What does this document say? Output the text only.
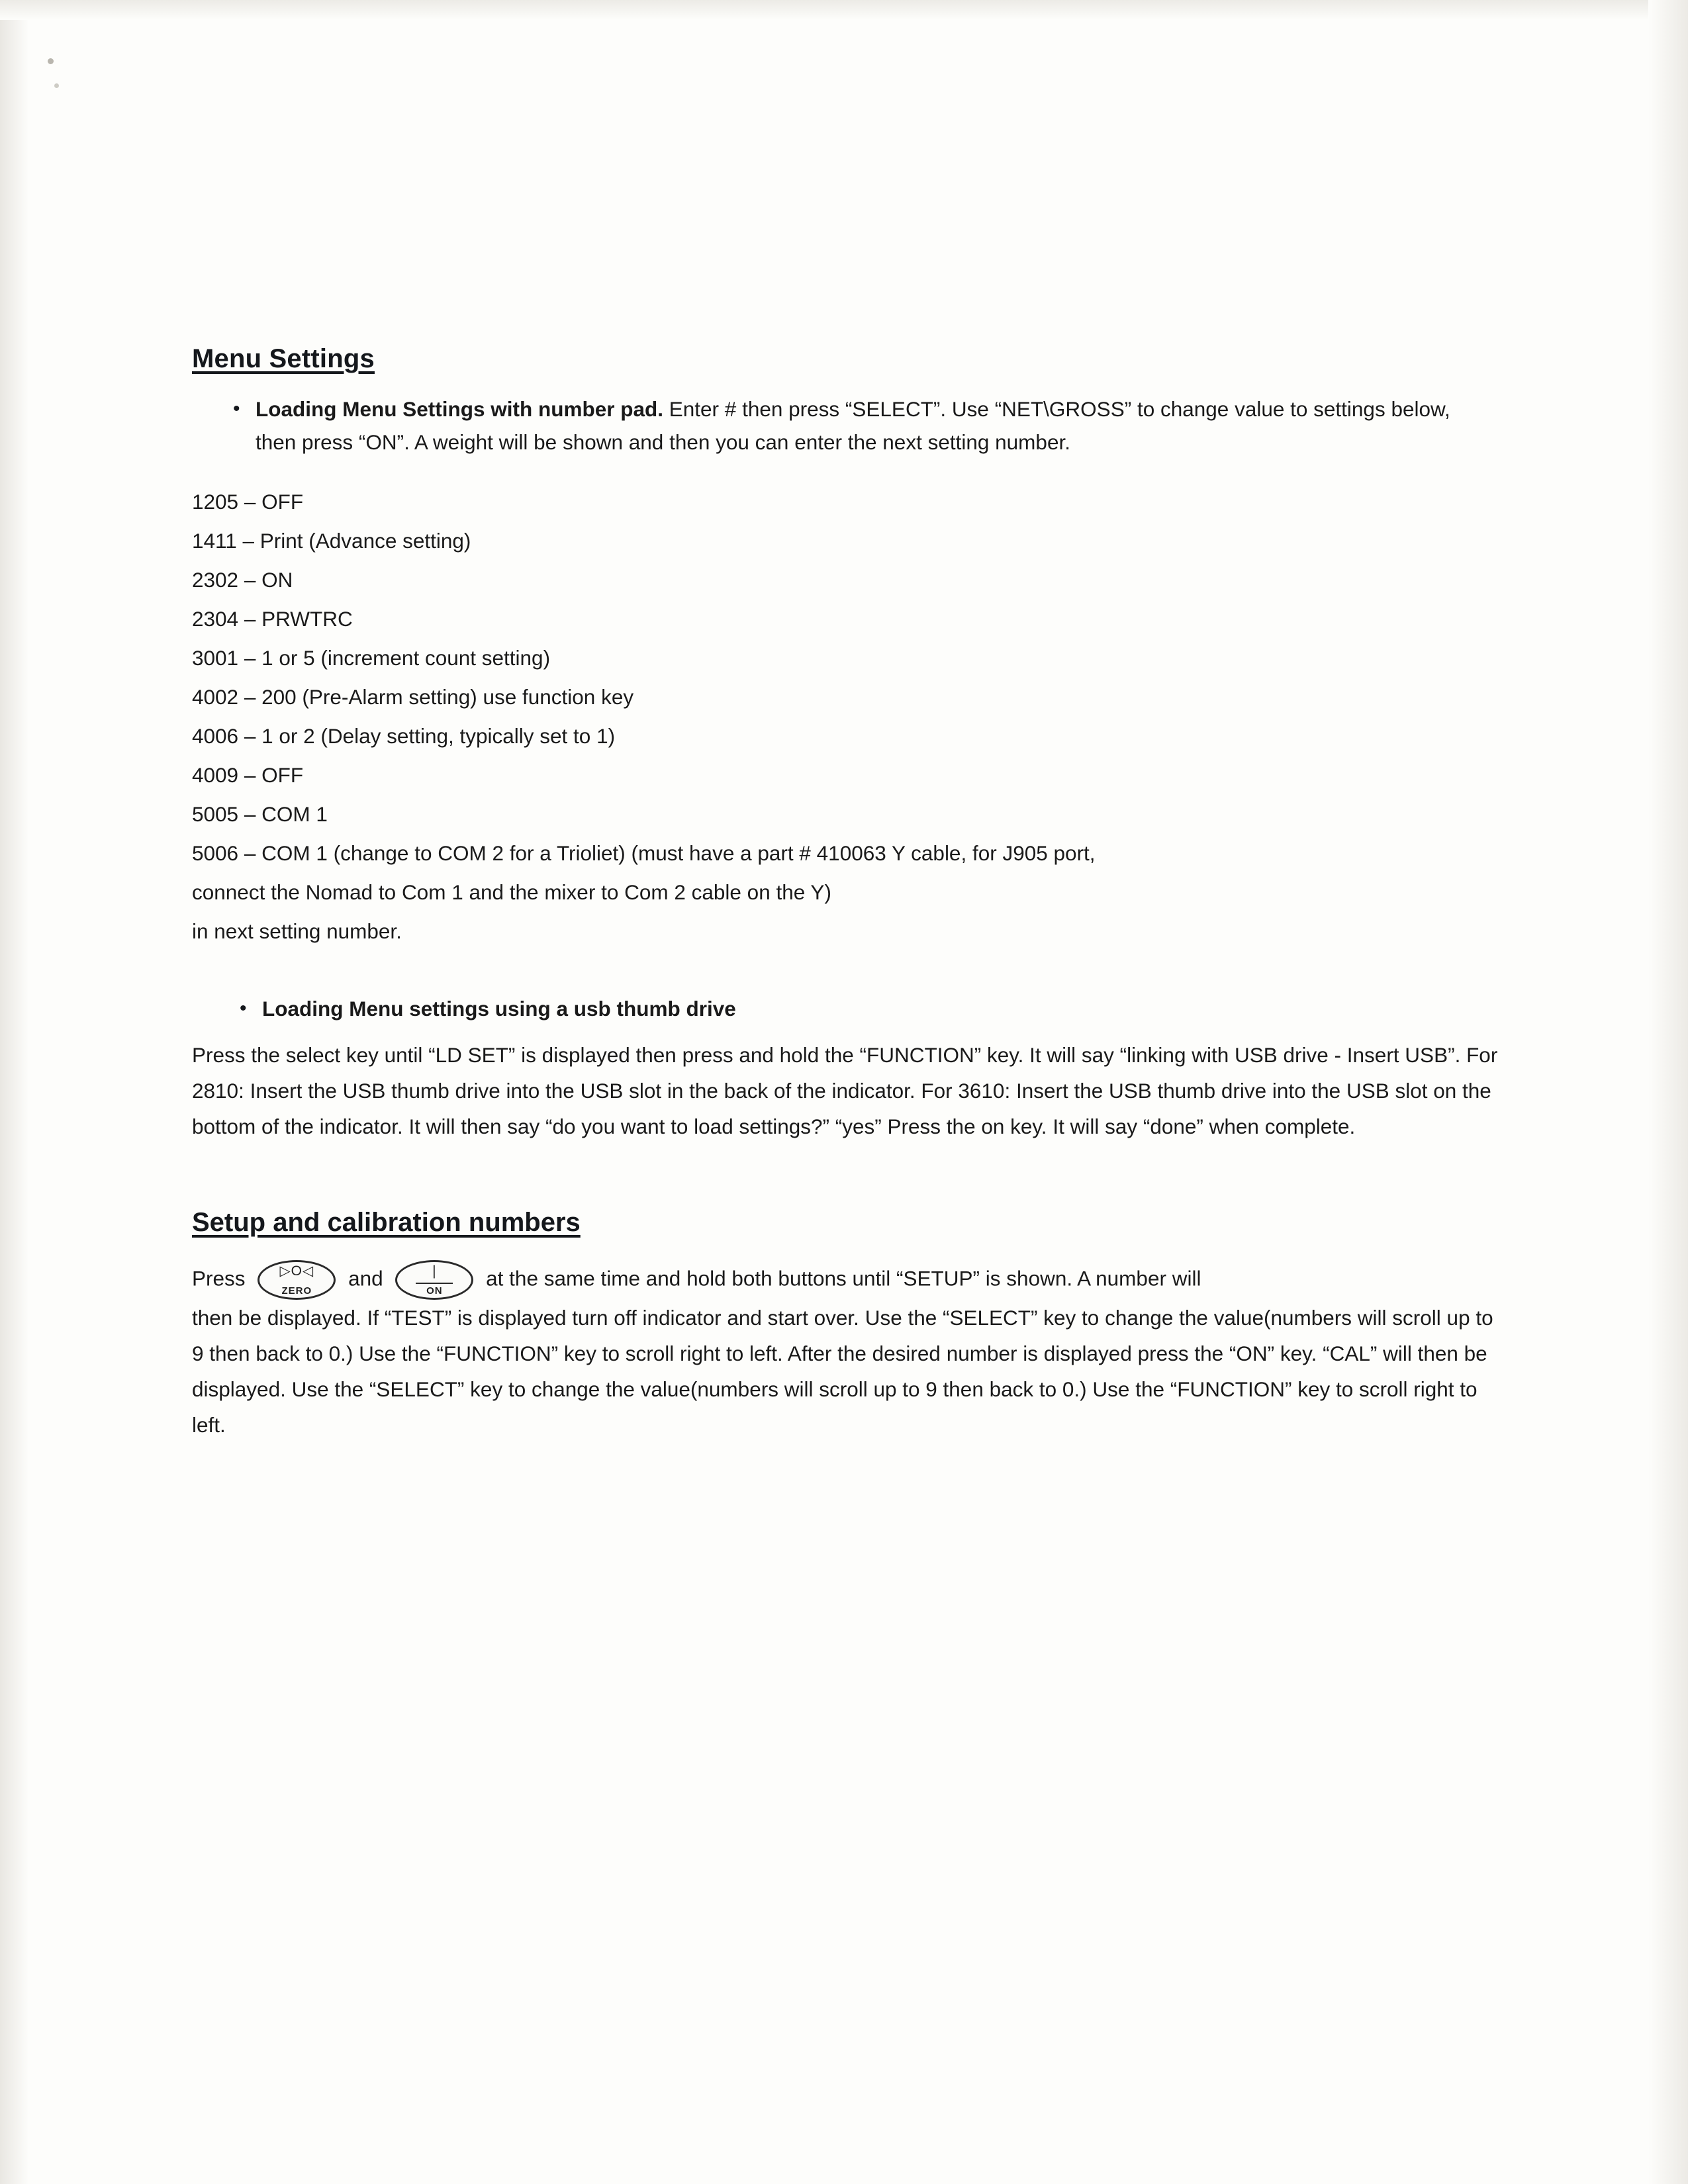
Menu Settings
• Loading Menu Settings with number pad. Enter # then press “SELECT”. Use “NET\GROSS” to change value to settings below, then press “ON”. A weight will be shown and then you can enter the next setting number.
1205 – OFF
1411 – Print (Advance setting)
2302 – ON
2304 – PRWTRC
3001 – 1 or 5 (increment count setting)
4002 – 200 (Pre-Alarm setting) use function key
4006 – 1 or 2 (Delay setting, typically set to 1)
4009 – OFF
5005 – COM 1
5006 – COM 1 (change to COM 2 for a Trioliet) (must have a part # 410063 Y cable, for J905 port,
connect the Nomad to Com 1 and the mixer to Com 2 cable on the Y)
in next setting number.
• Loading Menu settings using a usb thumb drive
Press the select key until “LD SET” is displayed then press and hold the “FUNCTION” key. It will say “linking with USB drive - Insert USB”. For 2810: Insert the USB thumb drive into the USB slot in the back of the indicator. For 3610: Insert the USB thumb drive into the USB slot on the bottom of the indicator. It will then say “do you want to load settings?” “yes” Press the on key. It will say “done” when complete.
Setup and calibration numbers
Press	▷O◁
ZERO
and	|
ON
at the same time and hold both buttons until “SETUP” is shown. A number will
then be displayed. If “TEST” is displayed turn off indicator and start over. Use the “SELECT” key to change the value(numbers will scroll up to 9 then back to 0.) Use the “FUNCTION” key to scroll right to left. After the desired number is displayed press the “ON” key. “CAL” will then be displayed. Use the “SELECT” key to change the value(numbers will scroll up to 9 then back to 0.) Use the “FUNCTION” key to scroll right to left.
